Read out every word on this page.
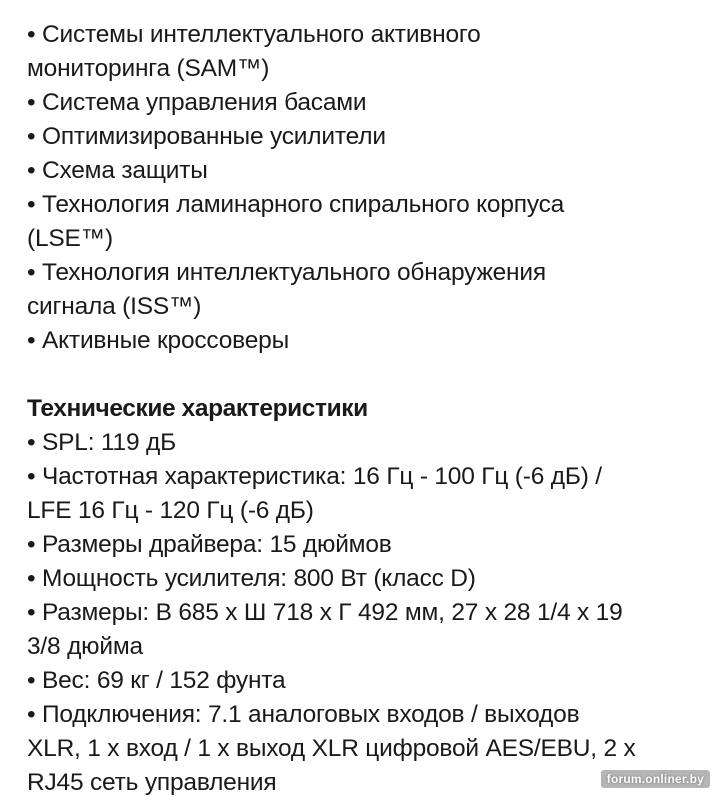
• Системы интеллектуального активного

мониторинга (SAM™)

• Система управления басами

• Оптимизированные усилители

• Схема защиты

• Технология ламинарного спирального корпуса

(LSE™)

• Технология интеллектуального обнаружения

сигнала (ISS™)

• Активные кроссоверы

Технические характеристики

• SPL: 119 дБ

• Частотная характеристика: 16 Гц - 100 Гц (-6 дБ) /

LFE 16 Гц - 120 Гц (-6 дБ)

• Размеры драйвера: 15 дюймов

• Мощность усилителя: 800 Вт (класс D)

• Размеры: В 685 х Ш 718 х Г 492 мм, 27 х 28 1/4 х 19

3/8 дюйма

• Вес: 69 кг / 152 фунта

• Подключения: 7.1 аналоговых входов / выходов

XLR, 1 х вход / 1 х выход XLR цифровой AES/EBU, 2 х

RJ45 сеть управления	forum.onliner.by
